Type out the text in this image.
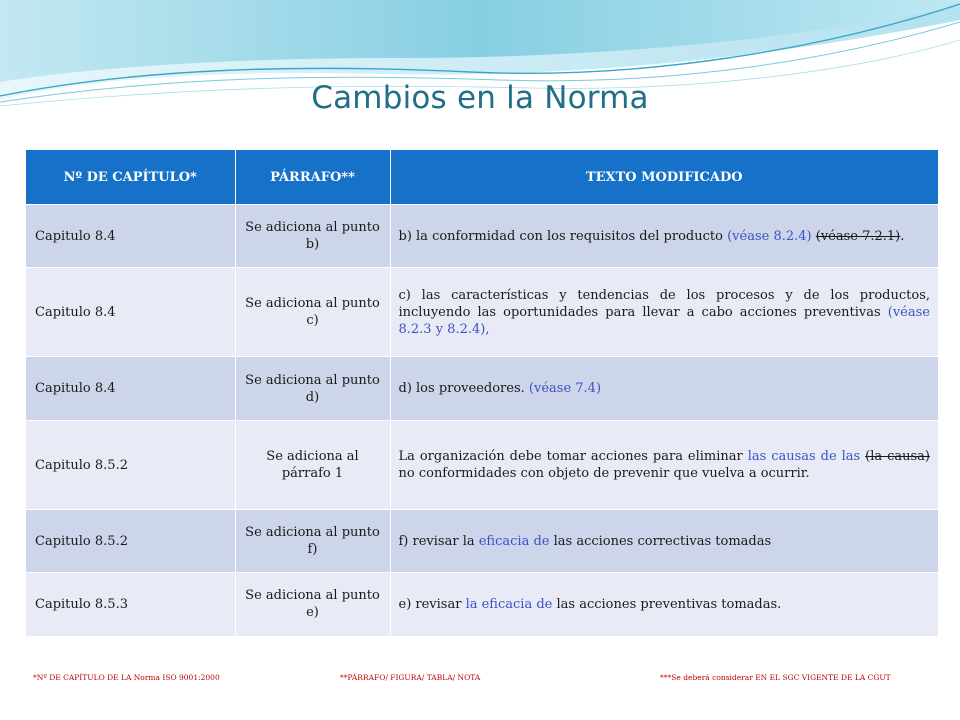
Cambios en la Norma
Nº DE CAPÍTULO*	PÁRRAFO**	TEXTO MODIFICADO
Capitulo 8.4	Se adiciona al punto b)	b) la conformidad con los requisitos del producto (véase 8.2.4) (véase 7.2.1).
Capitulo 8.4	Se adiciona al punto c)	c) las características y tendencias de los procesos y de los productos, incluyendo las oportunidades para llevar a cabo acciones preventivas (véase 8.2.3 y 8.2.4),
Capitulo 8.4	Se adiciona al punto d)	d) los proveedores. (véase 7.4)
Capitulo 8.5.2	Se adiciona al párrafo 1	La organización debe tomar acciones para eliminar las causas de las (la causa) no conformidades con objeto de prevenir que vuelva a ocurrir.
Capitulo 8.5.2	Se adiciona al punto f)	f) revisar la eficacia de las acciones correctivas tomadas
Capitulo 8.5.3	Se adiciona al punto e)	e) revisar la eficacia de las acciones preventivas tomadas.
*Nº DE CAPÍTULO DE LA Norma ISO 9001:2000	**PÁRRAFO/ FIGURA/ TABLA/ NOTA	***Se deberá considerar EN EL SGC VIGENTE DE LA CGUT
